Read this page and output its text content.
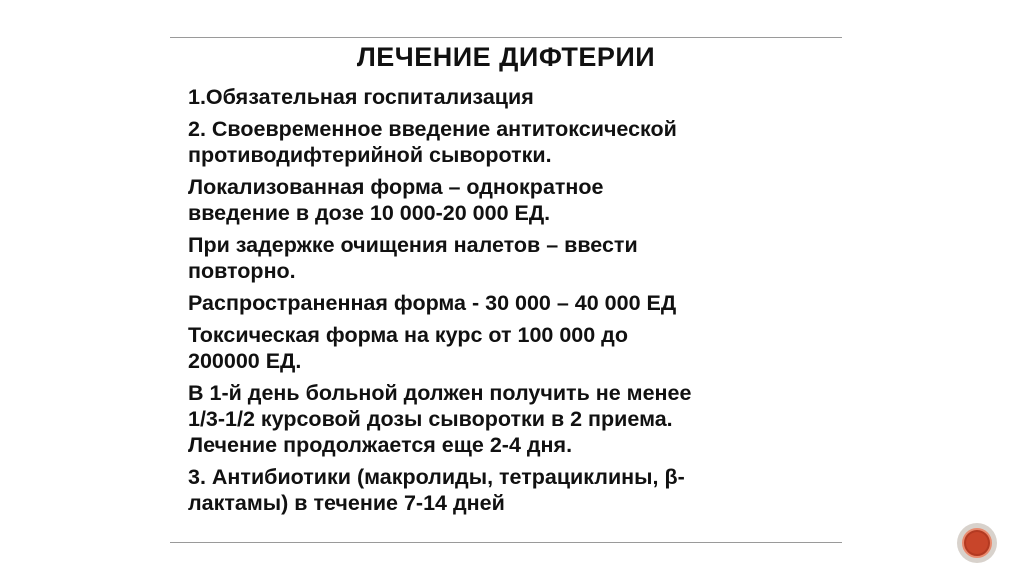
ЛЕЧЕНИЕ ДИФТЕРИИ
1.Обязательная госпитализация
2. Своевременное введение антитоксической
противодифтерийной сыворотки.
Локализованная форма – однократное
введение в дозе 10 000-20 000 ЕД.
При задержке очищения налетов – ввести
повторно.
Распространенная форма - 30 000 – 40 000 ЕД
Токсическая форма на курс от 100 000 до
200000 ЕД.
В 1-й день больной должен получить не менее
1/3-1/2 курсовой дозы сыворотки в 2 приема.
Лечение продолжается еще 2-4 дня.
3. Антибиотики (макролиды, тетрациклины, β-
лактамы) в течение 7-14 дней
